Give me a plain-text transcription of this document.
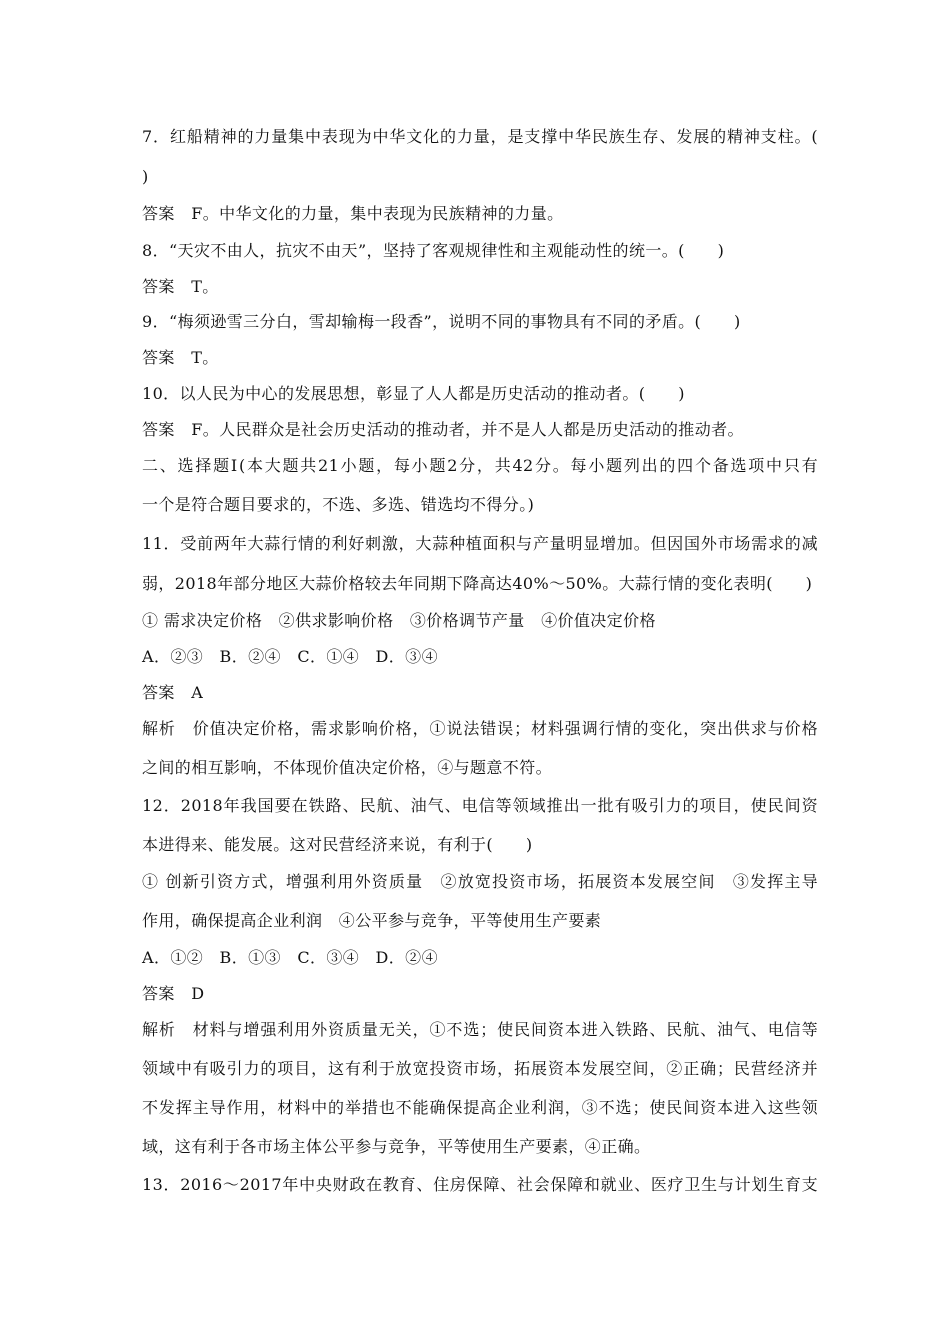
7．红船精神的力量集中表现为中华文化的力量，是支撑中华民族生存、发展的精神支柱。(
)
答案　F。中华文化的力量，集中表现为民族精神的力量。
8．“天灾不由人，抗灾不由天”，坚持了客观规律性和主观能动性的统一。(　　)
答案　T。
9．“梅须逊雪三分白，雪却输梅一段香”，说明不同的事物具有不同的矛盾。(　　)
答案　T。
10．以人民为中心的发展思想，彰显了人人都是历史活动的推动者。(　　)
答案　F。人民群众是社会历史活动的推动者，并不是人人都是历史活动的推动者。
二、选择题Ⅰ(本大题共21小题，每小题2分，共42分。每小题列出的四个备选项中只有
一个是符合题目要求的，不选、多选、错选均不得分。)
11．受前两年大蒜行情的利好刺激，大蒜种植面积与产量明显增加。但因国外市场需求的减
弱，2018年部分地区大蒜价格较去年同期下降高达40%～50%。大蒜行情的变化表明(　　)
① 需求决定价格　②供求影响价格　③价格调节产量　④价值决定价格
A．②③　B．②④　C．①④　D．③④
答案　A
解析　价值决定价格，需求影响价格，①说法错误；材料强调行情的变化，突出供求与价格
之间的相互影响，不体现价值决定价格，④与题意不符。
12．2018年我国要在铁路、民航、油气、电信等领域推出一批有吸引力的项目，使民间资
本进得来、能发展。这对民营经济来说，有利于(　　)
① 创新引资方式，增强利用外资质量　②放宽投资市场，拓展资本发展空间　③发挥主导
作用，确保提高企业利润　④公平参与竞争，平等使用生产要素
A．①②　B．①③　C．③④　D．②④
答案　D
解析　材料与增强利用外资质量无关，①不选；使民间资本进入铁路、民航、油气、电信等
领域中有吸引力的项目，这有利于放宽投资市场，拓展资本发展空间，②正确；民营经济并
不发挥主导作用，材料中的举措也不能确保提高企业利润，③不选；使民间资本进入这些领
域，这有利于各市场主体公平参与竞争，平等使用生产要素，④正确。
13．2016～2017年中央财政在教育、住房保障、社会保障和就业、医疗卫生与计划生育支
